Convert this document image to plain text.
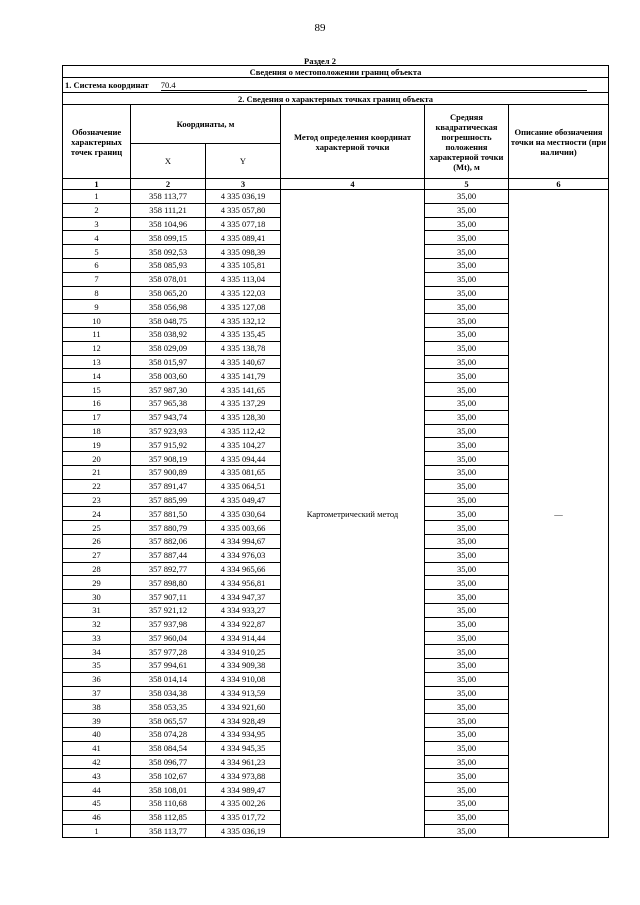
89
Раздел 2
Сведения о местоположении границ объекта					
1. Система координат 70.4					
2. Сведения о характерных точках границ объекта					
Обозначение характерных точек границ	Координаты, м		Метод определения координат характерной точки	Средняя квадратическая погрешность положения характерной точки (Mt), м	Описание обозначения точки на местности (при наличии)
	X	Y			
1	2	3	4	5	6
1	358 113,77	4 335 036,19	Картометрический метод	35,00	—
2	358 111,21	4 335 057,80		35,00	
3	358 104,96	4 335 077,18		35,00	
4	358 099,15	4 335 089,41		35,00	
5	358 092,53	4 335 098,39		35,00	
6	358 085,93	4 335 105,81		35,00	
7	358 078,01	4 335 113,04		35,00	
8	358 065,20	4 335 122,03		35,00	
9	358 056,98	4 335 127,08		35,00	
10	358 048,75	4 335 132,12		35,00	
11	358 038,92	4 335 135,45		35,00	
12	358 029,09	4 335 138,78		35,00	
13	358 015,97	4 335 140,67		35,00	
14	358 003,60	4 335 141,79		35,00	
15	357 987,30	4 335 141,65		35,00	
16	357 965,38	4 335 137,29		35,00	
17	357 943,74	4 335 128,30		35,00	
18	357 923,93	4 335 112,42		35,00	
19	357 915,92	4 335 104,27		35,00	
20	357 908,19	4 335 094,44		35,00	
21	357 900,89	4 335 081,65		35,00	
22	357 891,47	4 335 064,51		35,00	
23	357 885,99	4 335 049,47		35,00	
24	357 881,50	4 335 030,64		35,00	
25	357 880,79	4 335 003,66		35,00	
26	357 882,06	4 334 994,67		35,00	
27	357 887,44	4 334 976,03		35,00	
28	357 892,77	4 334 965,66		35,00	
29	357 898,80	4 334 956,81		35,00	
30	357 907,11	4 334 947,37		35,00	
31	357 921,12	4 334 933,27		35,00	
32	357 937,98	4 334 922,87		35,00	
33	357 960,04	4 334 914,44		35,00	
34	357 977,28	4 334 910,25		35,00	
35	357 994,61	4 334 909,38		35,00	
36	358 014,14	4 334 910,08		35,00	
37	358 034,38	4 334 913,59		35,00	
38	358 053,35	4 334 921,60		35,00	
39	358 065,57	4 334 928,49		35,00	
40	358 074,28	4 334 934,95		35,00	
41	358 084,54	4 334 945,35		35,00	
42	358 096,77	4 334 961,23		35,00	
43	358 102,67	4 334 973,88		35,00	
44	358 108,01	4 334 989,47		35,00	
45	358 110,68	4 335 002,26		35,00	
46	358 112,85	4 335 017,72		35,00	
1	358 113,77	4 335 036,19		35,00	
